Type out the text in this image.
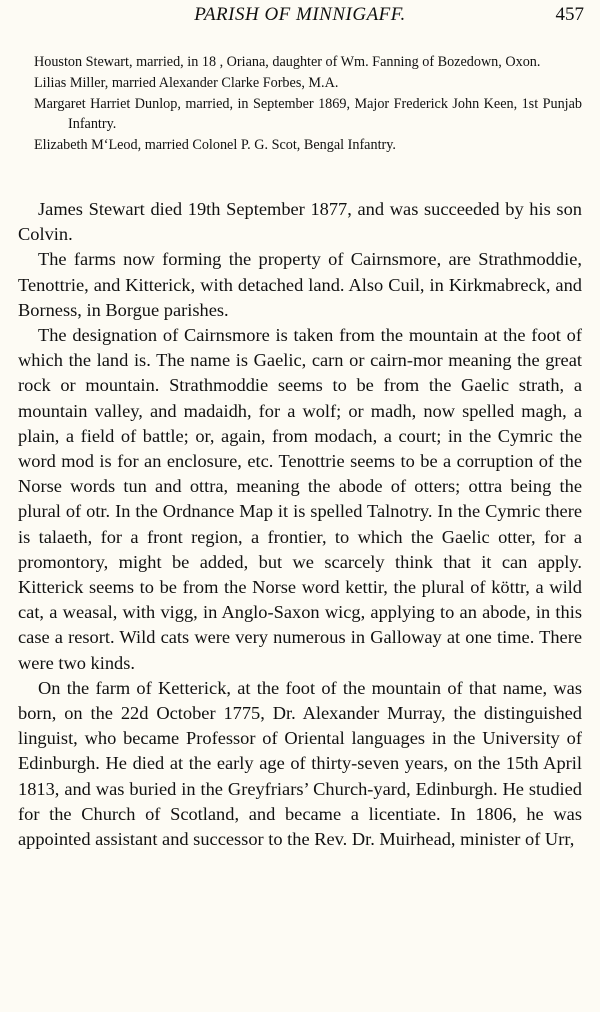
PARISH OF MINNIGAFF.	457

Houston Stewart, married, in 18 , Oriana, daughter of Wm. Fanning of Bozedown, Oxon.

Lilias Miller, married Alexander Clarke Forbes, M.A.

Margaret Harriet Dunlop, married, in September 1869, Major Frederick John Keen, 1st Punjab Infantry.

Elizabeth M‘Leod, married Colonel P. G. Scot, Bengal Infantry.

James Stewart died 19th September 1877, and was succeeded by his son Colvin.

The farms now forming the property of Cairnsmore, are Strathmoddie, Tenottrie, and Kitterick, with detached land. Also Cuil, in Kirkmabreck, and Borness, in Borgue parishes.

The designation of Cairnsmore is taken from the mountain at the foot of which the land is. The name is Gaelic, carn or cairn-mor meaning the great rock or mountain. Strathmoddie seems to be from the Gaelic strath, a mountain valley, and madaidh, for a wolf; or madh, now spelled magh, a plain, a field of battle; or, again, from modach, a court; in the Cymric the word mod is for an enclosure, etc. Tenottrie seems to be a corruption of the Norse words tun and ottra, meaning the abode of otters; ottra being the plural of otr. In the Ordnance Map it is spelled Talnotry. In the Cymric there is talaeth, for a front region, a frontier, to which the Gaelic otter, for a promontory, might be added, but we scarcely think that it can apply. Kitterick seems to be from the Norse word kettir, the plural of köttr, a wild cat, a weasal, with vigg, in Anglo-Saxon wicg, applying to an abode, in this case a resort. Wild cats were very numerous in Galloway at one time. There were two kinds.

On the farm of Ketterick, at the foot of the mountain of that name, was born, on the 22d October 1775, Dr. Alexander Murray, the distinguished linguist, who became Professor of Oriental languages in the University of Edinburgh. He died at the early age of thirty-seven years, on the 15th April 1813, and was buried in the Greyfriars’ Church-yard, Edinburgh. He studied for the Church of Scotland, and became a licentiate. In 1806, he was appointed assistant and successor to the Rev. Dr. Muirhead, minister of Urr,
